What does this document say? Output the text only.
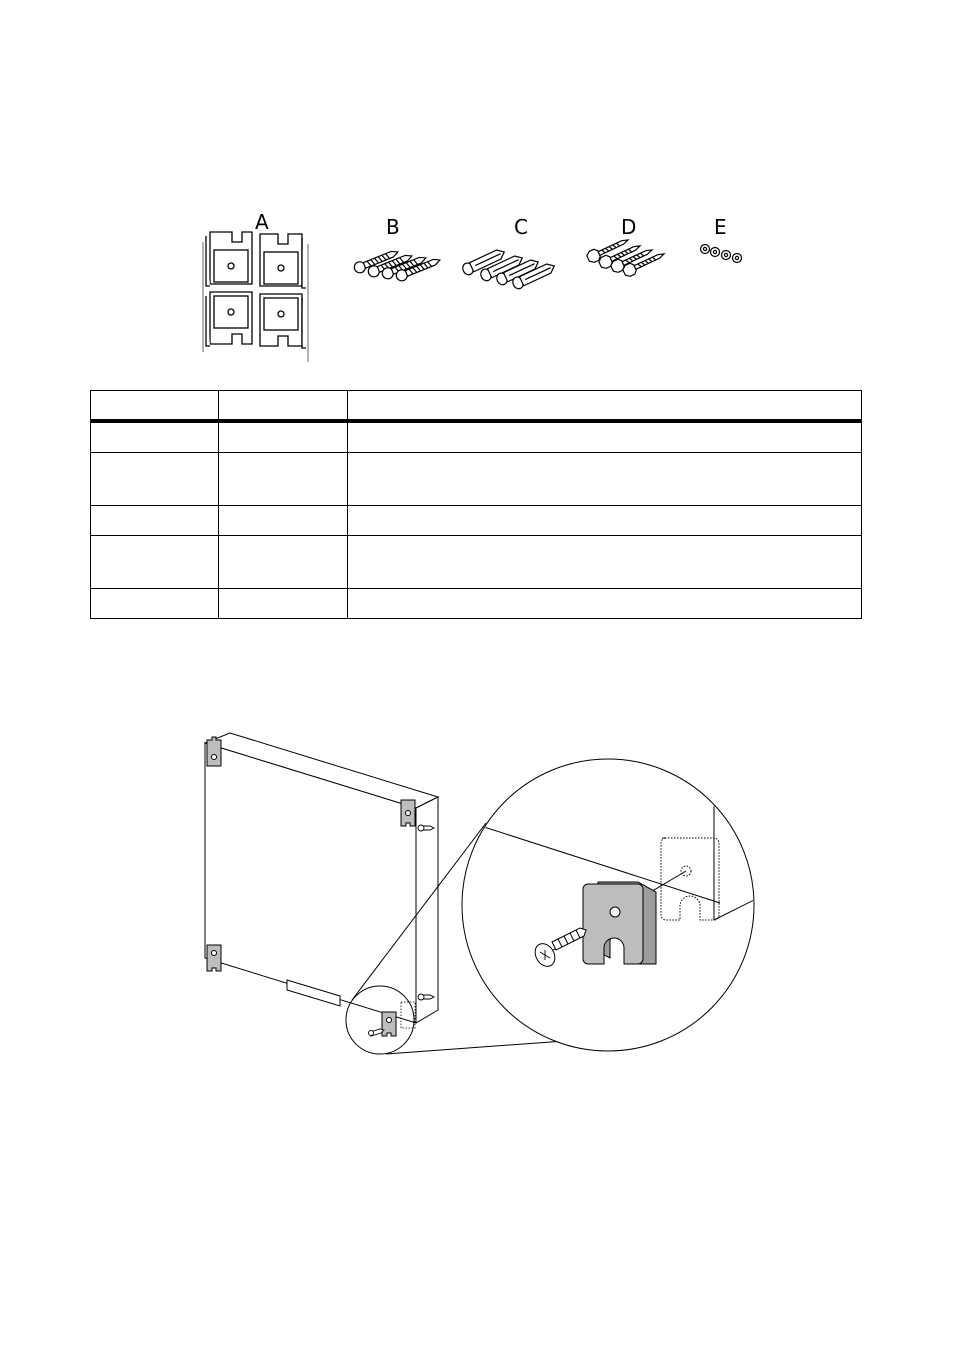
A	B	C	D	E
